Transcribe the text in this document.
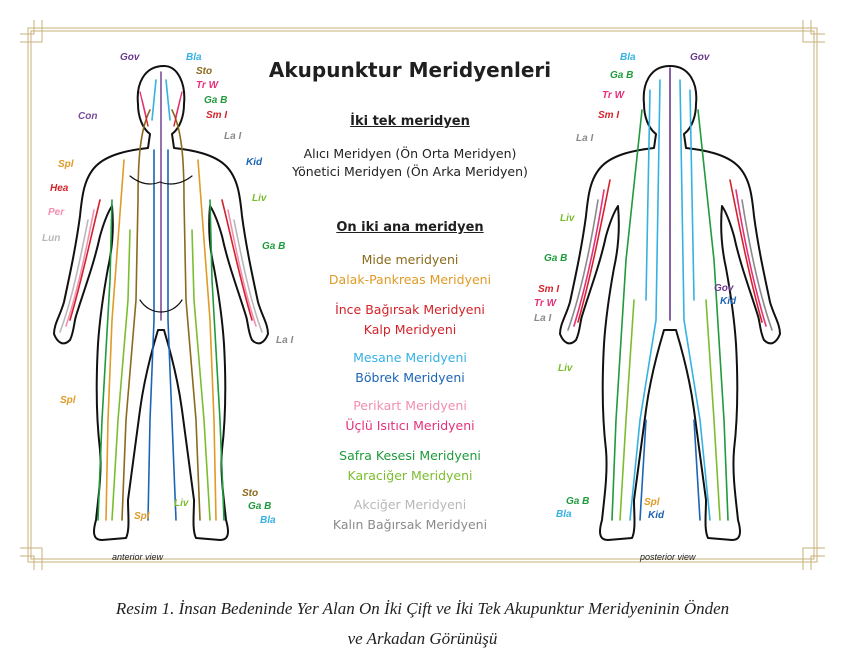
Akupunktur Meridyenleri
İki tek meridyen
On iki ana meridyen
anterior view	posterior view
Resim 1. İnsan Bedeninde Yer Alan On İki Çift ve İki Tek Akupunktur Meridyeninin Önden
ve Arkadan Görünüşü
Alıcı Meridyen (Ön Orta Meridyen)
Yönetici Meridyen (Ön Arka Meridyen)
Mide meridyeni
Dalak-Pankreas Meridyeni
İnce Bağırsak Meridyeni
Kalp Meridyeni
Mesane Meridyeni
Böbrek Meridyeni
Perikart Meridyeni
Üçlü Isıtıcı Meridyeni
Safra Kesesi Meridyeni
Karaciğer Meridyeni
Akciğer Meridyeni
Kalın Bağırsak Meridyeni
Gov	Bla
Sto
Tr W
Ga B
Sm I
Con
La I
Kid
Spl
Hea
Liv
Per
Lun
Ga B
La I
Spl
Sto
Liv	Ga B
Spl	Bla
Bla	Gov
Ga B
Tr W
Sm I
La I
Liv
Ga B
Sm I
Tr W
La I
Gov
Kid
Liv
Ga B
Bla
Spl
Kid
